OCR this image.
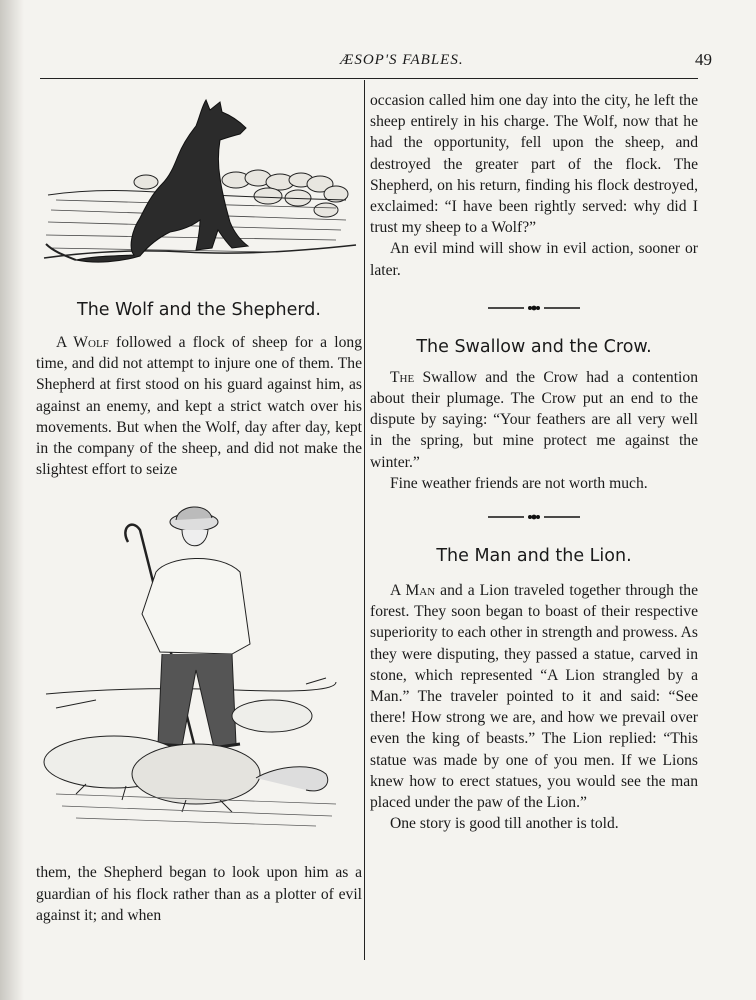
ÆSOP'S FABLES.	49
The Wolf and the Shepherd.

A Wolf followed a flock of sheep for a long time, and did not attempt to injure one of them. The Shepherd at first stood on his guard against him, as against an enemy, and kept a strict watch over his movements. But when the Wolf, day after day, kept in the company of the sheep, and did not make the slightest effort to seize

them, the Shepherd began to look upon him as a guardian of his flock rather than as a plotter of evil against it; and when

occasion called him one day into the city, he left the sheep entirely in his charge. The Wolf, now that he had the opportunity, fell upon the sheep, and destroyed the greater part of the flock. The Shepherd, on his return, finding his flock destroyed, exclaimed: “I have been rightly served: why did I trust my sheep to a Wolf?”

An evil mind will show in evil action, sooner or later.

The Swallow and the Crow.

The Swallow and the Crow had a contention about their plumage. The Crow put an end to the dispute by saying: “Your feathers are all very well in the spring, but mine protect me against the winter.”

Fine weather friends are not worth much.

The Man and the Lion.

A Man and a Lion traveled together through the forest. They soon began to boast of their respective superiority to each other in strength and prowess. As they were disputing, they passed a statue, carved in stone, which represented “A Lion strangled by a Man.” The traveler pointed to it and said: “See there! How strong we are, and how we prevail over even the king of beasts.” The Lion replied: “This statue was made by one of you men. If we Lions knew how to erect statues, you would see the man placed under the paw of the Lion.”

One story is good till another is told.
